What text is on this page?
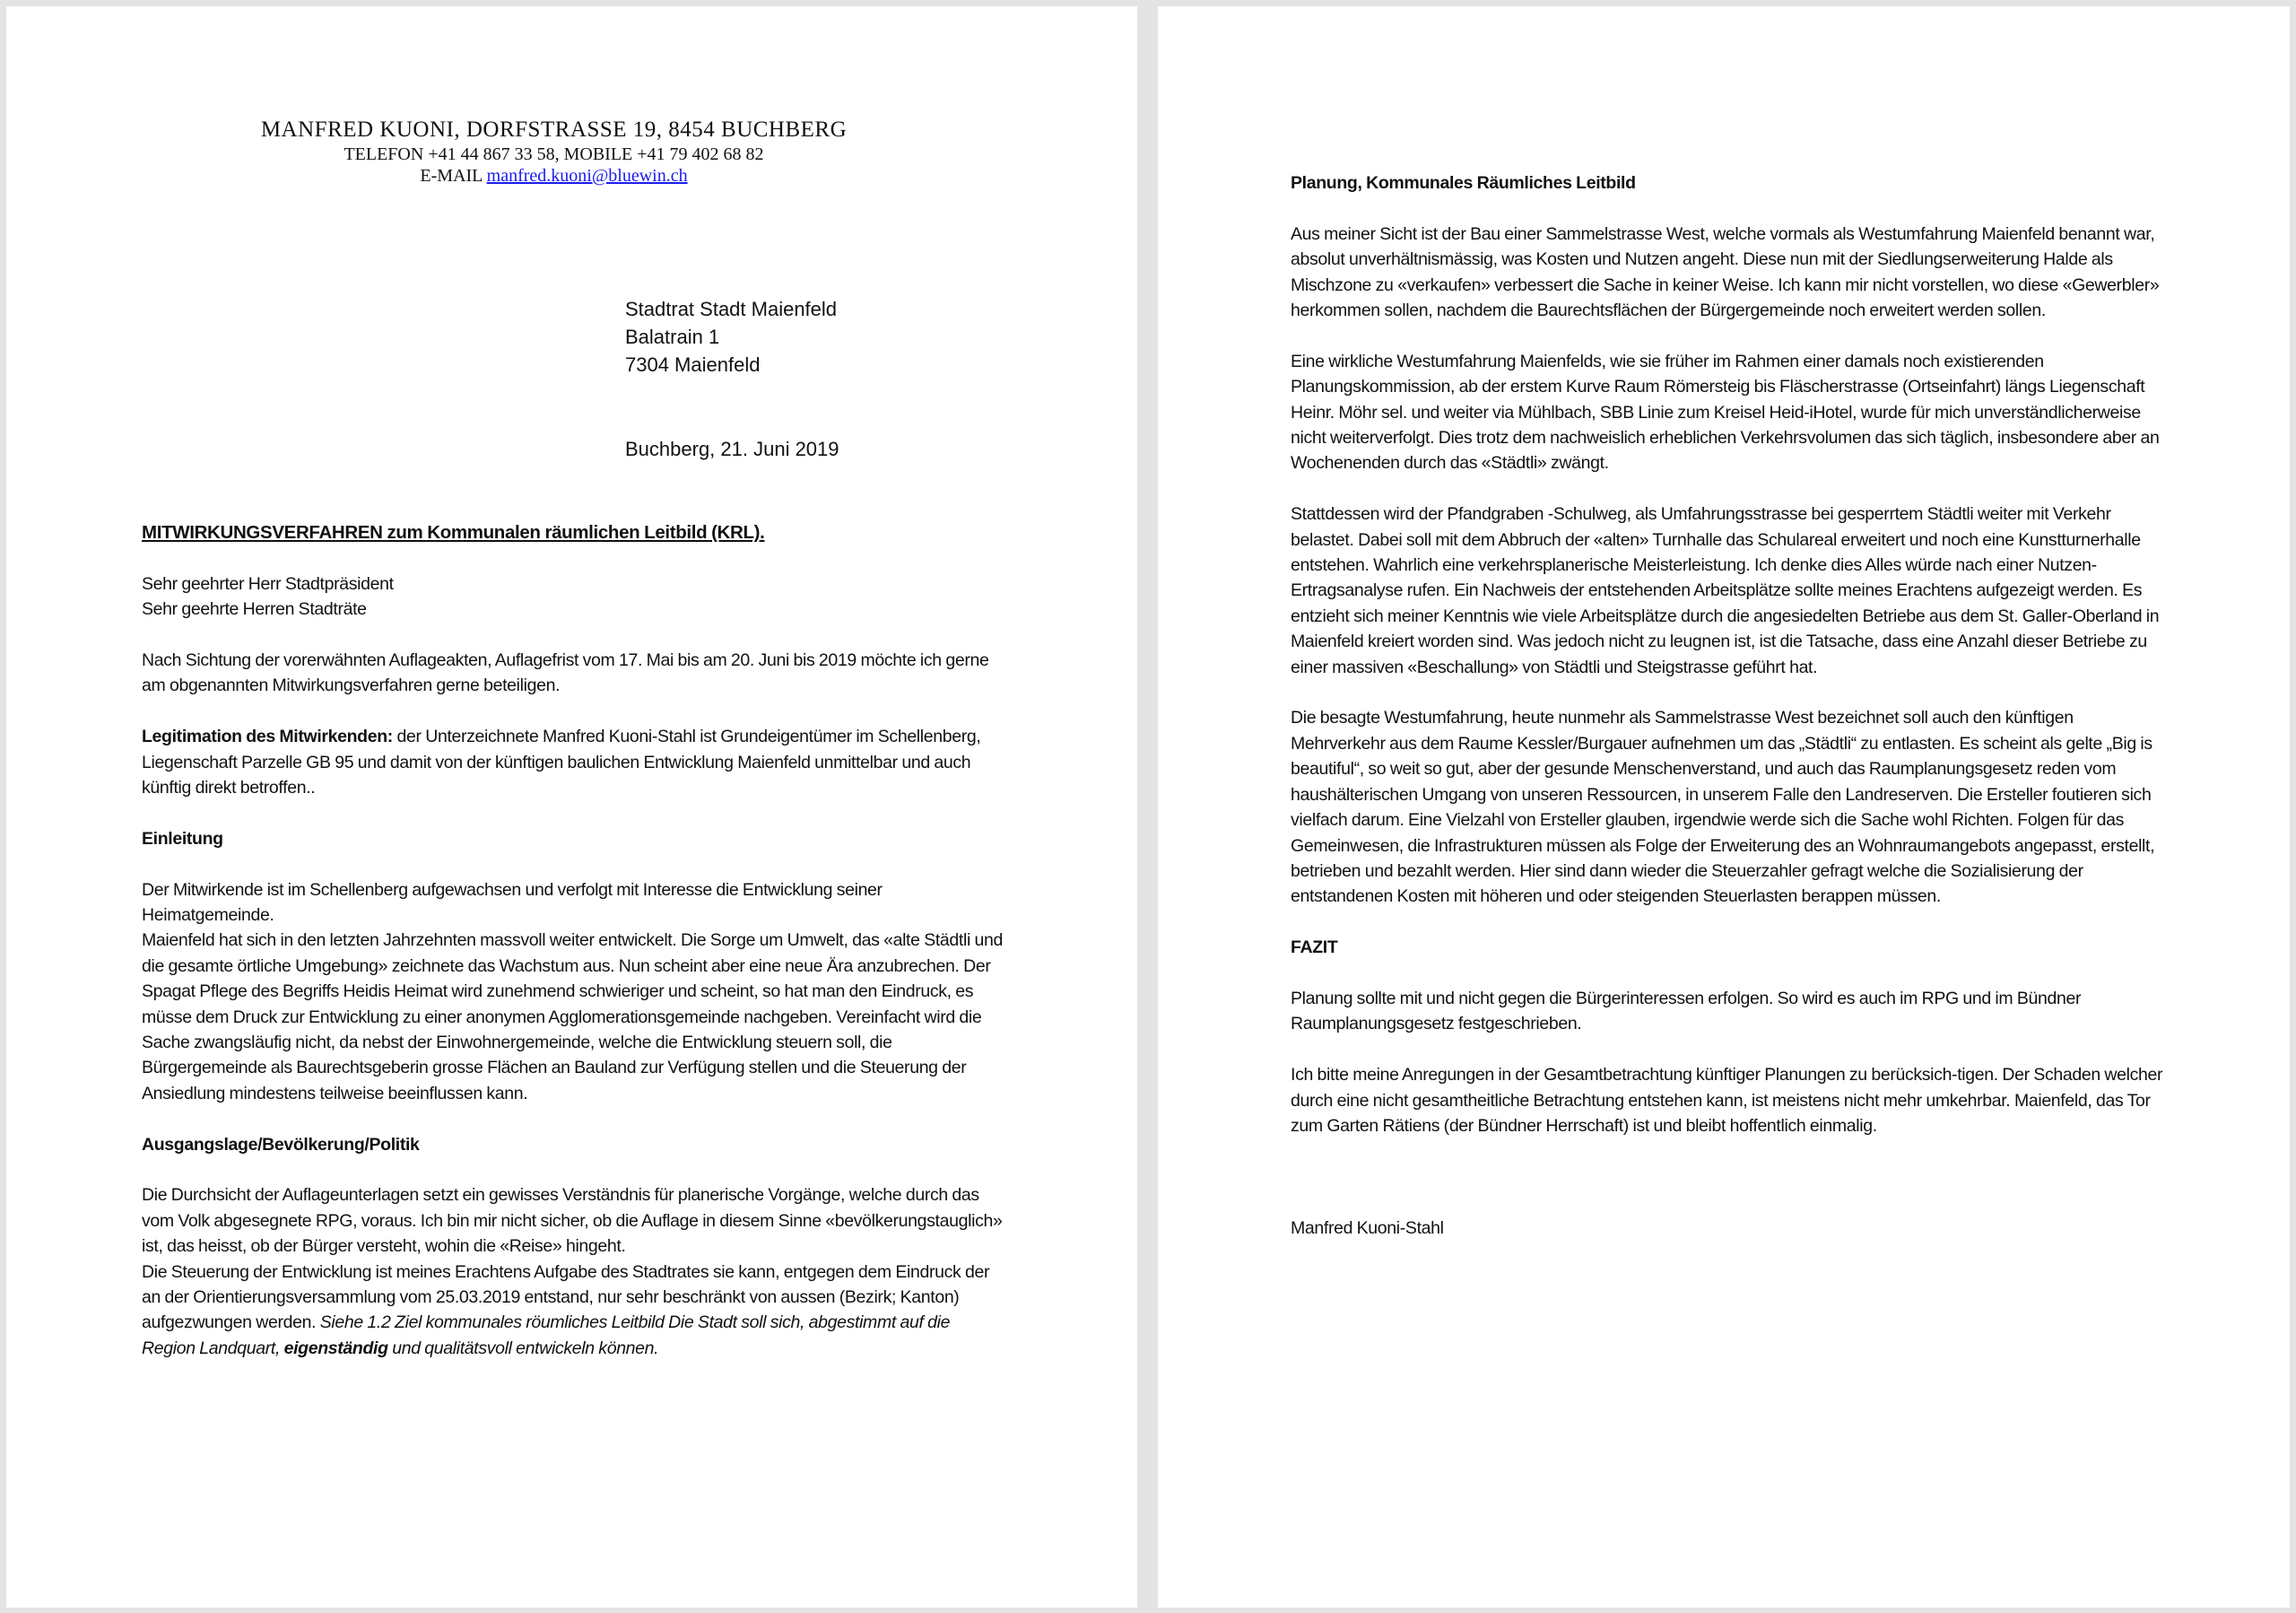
MANFRED KUONI, DORFSTRASSE 19, 8454 BUCHBERG
TELEFON +41 44 867 33 58, MOBILE +41 79 402 68 82
E-MAIL manfred.kuoni@bluewin.ch
Stadtrat Stadt Maienfeld
Balatrain 1
7304 Maienfeld
Buchberg, 21. Juni 2019

MITWIRKUNGSVERFAHREN zum Kommunalen räumlichen Leitbild (KRL).

Sehr geehrter Herr Stadtpräsident

Sehr geehrte Herren Stadträte

Nach Sichtung der vorerwähnten Auflageakten, Auflagefrist vom 17. Mai bis am 20. Juni bis 2019 möchte ich gerne am obgenannten Mitwirkungsverfahren gerne beteiligen.

Legitimation des Mitwirkenden: der Unterzeichnete Manfred Kuoni-Stahl ist Grundeigentümer im Schellenberg, Liegenschaft Parzelle GB 95 und damit von der künftigen baulichen Entwicklung Maienfeld unmittelbar und auch künftig direkt betroffen..

Einleitung

Der Mitwirkende ist im Schellenberg aufgewachsen und verfolgt mit Interesse die Entwicklung seiner Heimatgemeinde.

Maienfeld hat sich in den letzten Jahrzehnten massvoll weiter entwickelt. Die Sorge um Umwelt, das «alte Städtli und die gesamte örtliche Umgebung» zeichnete das Wachstum aus. Nun scheint aber eine neue Ära anzubrechen. Der Spagat Pflege des Begriffs Heidis Heimat wird zunehmend schwieriger und scheint, so hat man den Eindruck, es müsse dem Druck zur Entwicklung zu einer anonymen Agglomerationsgemeinde nachgeben. Vereinfacht wird die Sache zwangsläufig nicht, da nebst der Einwohnergemeinde, welche die Entwicklung steuern soll, die Bürgergemeinde als Baurechtsgeberin grosse Flächen an Bauland zur Verfügung stellen und die Steuerung der Ansiedlung mindestens teilweise beeinflussen kann.

Ausgangslage/Bevölkerung/Politik

Die Durchsicht der Auflageunterlagen setzt ein gewisses Verständnis für planerische Vorgänge, welche durch das vom Volk abgesegnete RPG, voraus. Ich bin mir nicht sicher, ob die Auflage in diesem Sinne «bevölkerungstauglich» ist, das heisst, ob der Bürger versteht, wohin die «Reise» hingeht.

Die Steuerung der Entwicklung ist meines Erachtens Aufgabe des Stadtrates sie kann, entgegen dem Eindruck der an der Orientierungsversammlung vom 25.03.2019 entstand, nur sehr beschränkt von aussen (Bezirk; Kanton) aufgezwungen werden. Siehe 1.2 Ziel kommunales röumliches Leitbild Die Stadt soll sich, abgestimmt auf die Region Landquart, eigenständig und qualitätsvoll entwickeln können.

Planung, Kommunales Räumliches Leitbild

Aus meiner Sicht ist der Bau einer Sammelstrasse West, welche vormals als Westumfahrung Maienfeld benannt war, absolut unverhältnismässig, was Kosten und Nutzen angeht. Diese nun mit der Siedlungserweiterung Halde als Mischzone zu «verkaufen» verbessert die Sache in keiner Weise. Ich kann mir nicht vorstellen, wo diese «Gewerbler» herkommen sollen, nachdem die Baurechtsflächen der Bürgergemeinde noch erweitert werden sollen.

Eine wirkliche Westumfahrung Maienfelds, wie sie früher im Rahmen einer damals noch existierenden Planungskommission, ab der erstem Kurve Raum Römersteig bis Fläscherstrasse (Ortseinfahrt) längs Liegenschaft Heinr. Möhr sel. und weiter via Mühlbach, SBB Linie zum Kreisel Heid-iHotel, wurde für mich unverständlicherweise nicht weiterverfolgt. Dies trotz dem nachweislich erheblichen Verkehrsvolumen das sich täglich, insbesondere aber an Wochenenden durch das «Städtli» zwängt.

Stattdessen wird der Pfandgraben -Schulweg, als Umfahrungsstrasse bei gesperrtem Städtli weiter mit Verkehr belastet. Dabei soll mit dem Abbruch der «alten» Turnhalle das Schulareal erweitert und noch eine Kunstturnerhalle entstehen. Wahrlich eine verkehrsplanerische Meisterleistung. Ich denke dies Alles würde nach einer Nutzen-Ertragsanalyse rufen. Ein Nachweis der entstehenden Arbeitsplätze sollte meines Erachtens aufgezeigt werden. Es entzieht sich meiner Kenntnis wie viele Arbeitsplätze durch die angesiedelten Betriebe aus dem St. Galler-Oberland in Maienfeld kreiert worden sind. Was jedoch nicht zu leugnen ist, ist die Tatsache, dass eine Anzahl dieser Betriebe zu einer massiven «Beschallung» von Städtli und Steigstrasse geführt hat.

Die besagte Westumfahrung, heute nunmehr als Sammelstrasse West bezeichnet soll auch den künftigen Mehrverkehr aus dem Raume Kessler/Burgauer aufnehmen um das „Städtli“ zu entlasten. Es scheint als gelte „Big is beautiful“, so weit so gut, aber der gesunde Menschenverstand, und auch das Raumplanungsgesetz reden vom haushälterischen Umgang von unseren Ressourcen, in unserem Falle den Landreserven. Die Ersteller foutieren sich vielfach darum. Eine Vielzahl von Ersteller glauben, irgendwie werde sich die Sache wohl Richten. Folgen für das Gemeinwesen, die Infrastrukturen müssen als Folge der Erweiterung des an Wohnraumangebots angepasst, erstellt, betrieben und bezahlt werden. Hier sind dann wieder die Steuerzahler gefragt welche die Sozialisierung der entstandenen Kosten mit höheren und oder steigenden Steuerlasten berappen müssen.

FAZIT

Planung sollte mit und nicht gegen die Bürgerinteressen erfolgen. So wird es auch im RPG und im Bündner Raumplanungsgesetz festgeschrieben.

Ich bitte meine Anregungen in der Gesamtbetrachtung künftiger Planungen zu berücksich-tigen. Der Schaden welcher durch eine nicht gesamtheitliche Betrachtung entstehen kann, ist meistens nicht mehr umkehrbar. Maienfeld, das Tor zum Garten Rätiens (der Bündner Herrschaft) ist und bleibt hoffentlich einmalig.

Manfred Kuoni-Stahl
